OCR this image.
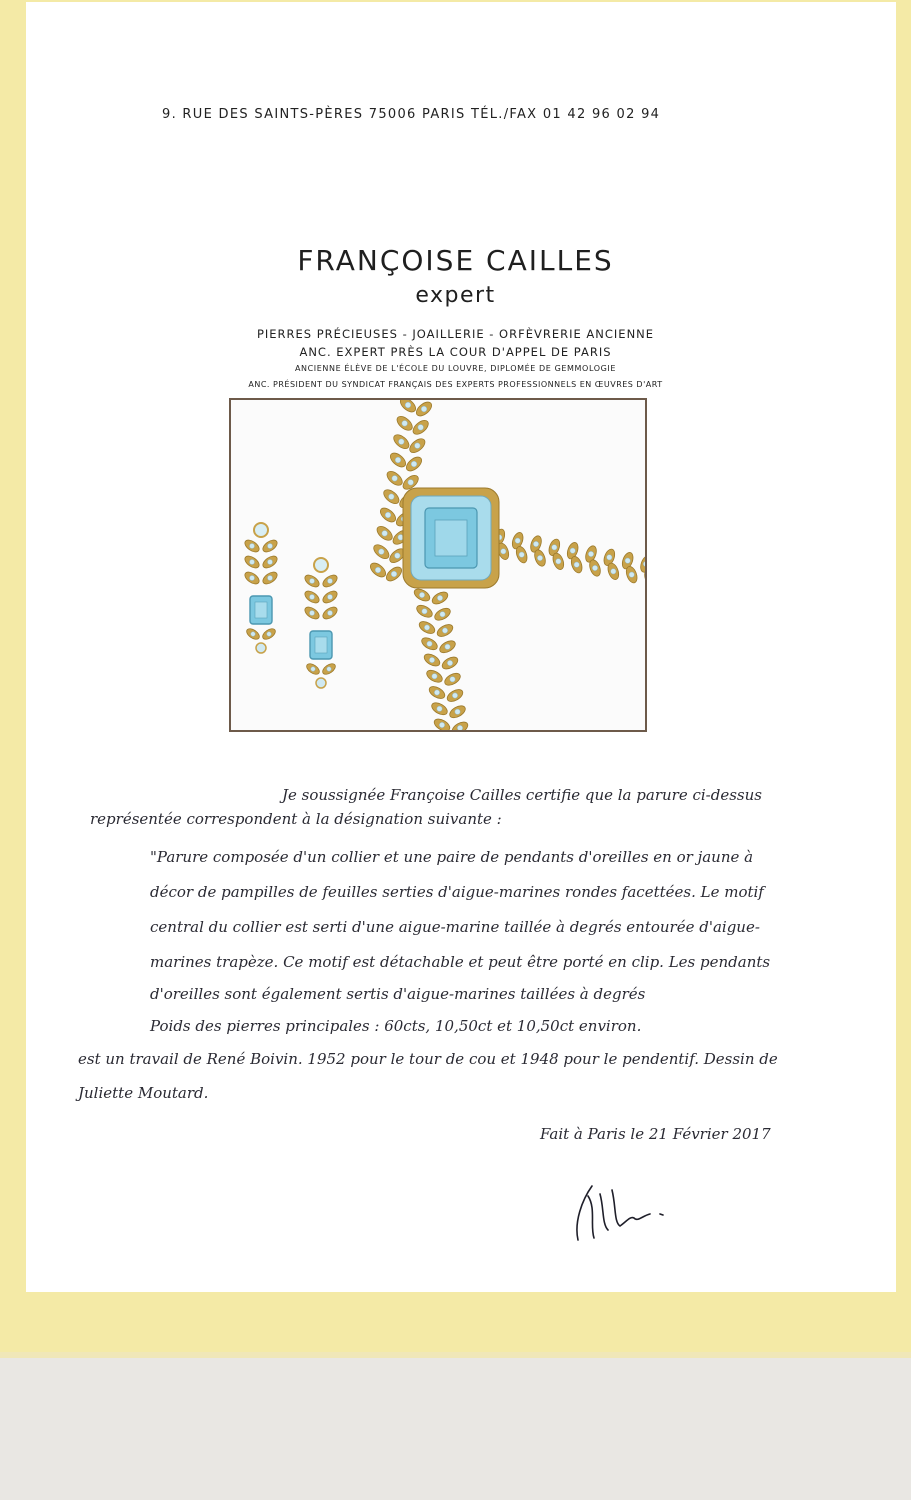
9. RUE DES SAINTS-PÈRES 75006 PARIS TÉL./FAX 01 42 96 02 94
FRANÇOISE CAILLES
expert
PIERRES PRÉCIEUSES - JOAILLERIE - ORFÈVRERIE ANCIENNE
ANC. EXPERT PRÈS LA COUR D'APPEL DE PARIS
ANCIENNE ÉLÈVE DE L'ÉCOLE DU LOUVRE, DIPLOMÉE DE GEMMOLOGIE
ANC. PRÉSIDENT DU SYNDICAT FRANÇAIS DES EXPERTS PROFESSIONNELS EN ŒUVRES D'ART
Je soussignée Françoise Cailles certifie que la parure ci-dessus
représentée correspondent à la désignation suivante :
"Parure composée d'un collier et une paire de pendants d'oreilles en or jaune à
décor de pampilles de feuilles serties d'aigue-marines rondes facettées. Le motif
central du collier est serti d'une aigue-marine taillée à degrés entourée d'aigue-
marines trapèze. Ce motif est détachable et peut être porté en clip. Les pendants
d'oreilles sont également sertis d'aigue-marines taillées à degrés
Poids des pierres principales : 60cts, 10,50ct et 10,50ct environ.
est un travail de René Boivin. 1952 pour le tour de cou et 1948 pour le pendentif. Dessin de
Juliette Moutard.
Fait à Paris le 21 Février 2017
